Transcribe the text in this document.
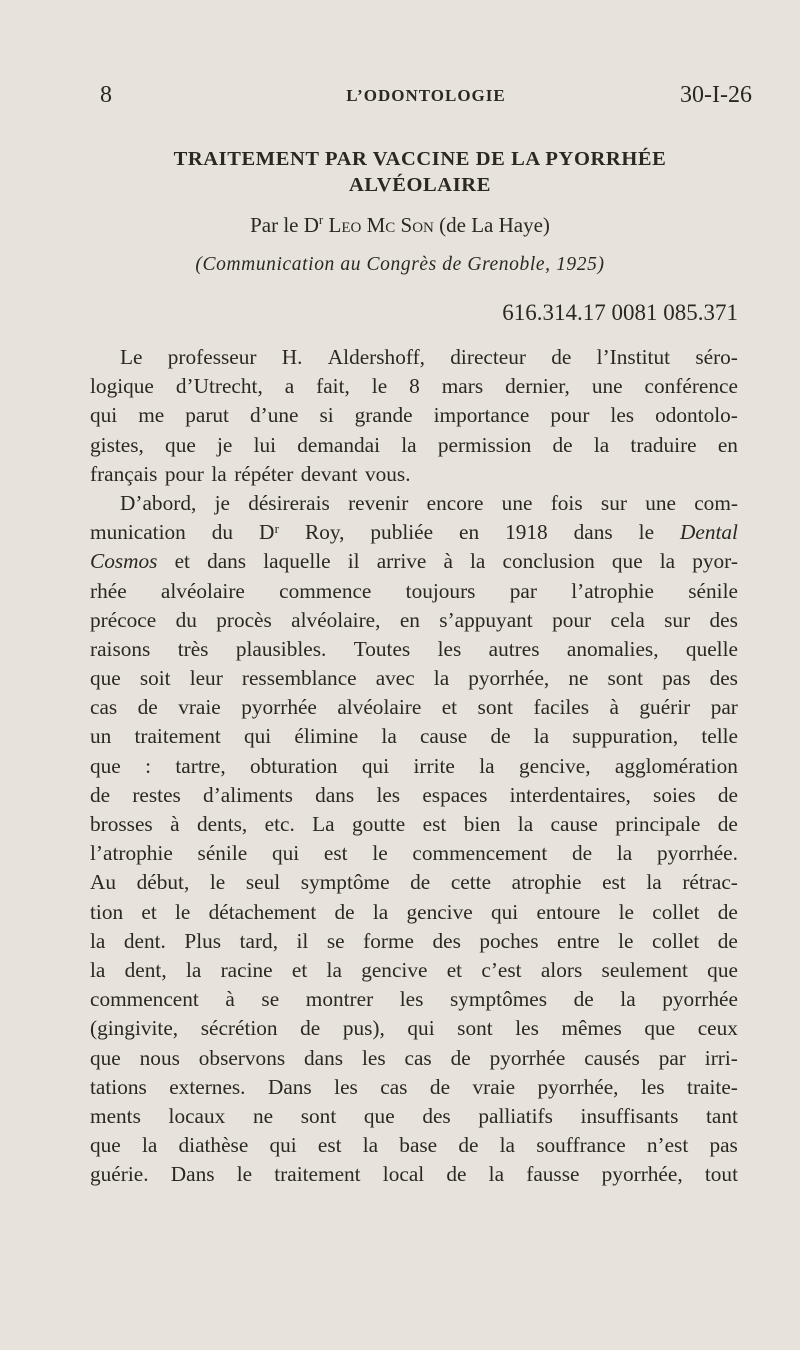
8	L’ODONTOLOGIE	30-I-26
TRAITEMENT PAR VACCINE DE LA PYORRHÉE
ALVÉOLAIRE
Par le $D^r$ Leo Mc Son (de La Haye)
(Communication au Congrès de Grenoble, 1925)
616.314.17 0081 085.371
Le professeur H. Aldershoff, directeur de l’Institut séro-
logique d’Utrecht, a fait, le 8 mars dernier, une conférence
qui me parut d’une si grande importance pour les odontolo-
gistes, que je lui demandai la permission de la traduire en
français pour la répéter devant vous.
D’abord, je désirerais revenir encore une fois sur une com-
munication du Dʳ Roy, publiée en 1918 dans le Dental
Cosmos et dans laquelle il arrive à la conclusion que la pyor-
rhée alvéolaire commence toujours par l’atrophie sénile
précoce du procès alvéolaire, en s’appuyant pour cela sur des
raisons très plausibles. Toutes les autres anomalies, quelle
que soit leur ressemblance avec la pyorrhée, ne sont pas des
cas de vraie pyorrhée alvéolaire et sont faciles à guérir par
un traitement qui élimine la cause de la suppuration, telle
que : tartre, obturation qui irrite la gencive, agglomération
de restes d’aliments dans les espaces interdentaires, soies de
brosses à dents, etc. La goutte est bien la cause principale de
l’atrophie sénile qui est le commencement de la pyorrhée.
Au début, le seul symptôme de cette atrophie est la rétrac-
tion et le détachement de la gencive qui entoure le collet de
la dent. Plus tard, il se forme des poches entre le collet de
la dent, la racine et la gencive et c’est alors seulement que
commencent à se montrer les symptômes de la pyorrhée
(gingivite, sécrétion de pus), qui sont les mêmes que ceux
que nous observons dans les cas de pyorrhée causés par irri-
tations externes. Dans les cas de vraie pyorrhée, les traite-
ments locaux ne sont que des palliatifs insuffisants tant
que la diathèse qui est la base de la souffrance n’est pas
guérie. Dans le traitement local de la fausse pyorrhée, tout
